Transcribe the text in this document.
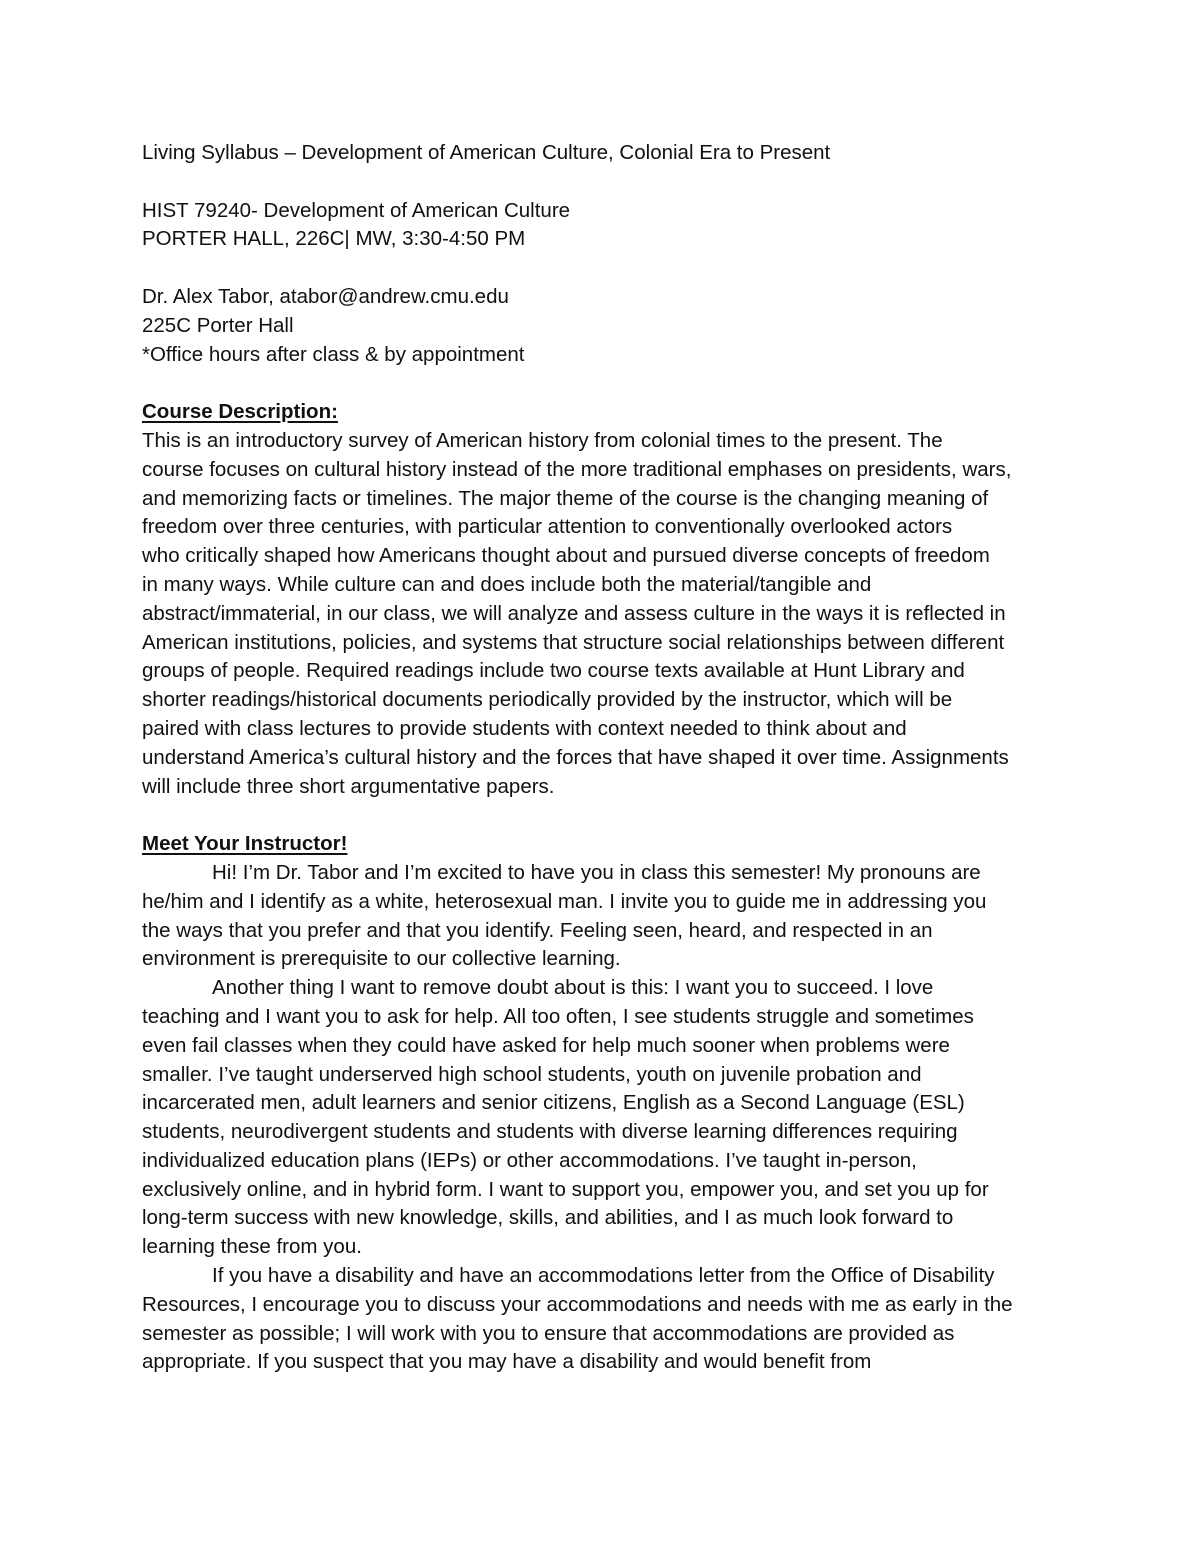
Living Syllabus – Development of American Culture, Colonial Era to Present
HIST 79240- Development of American Culture
PORTER HALL, 226C| MW, 3:30-4:50 PM
Dr. Alex Tabor, atabor@andrew.cmu.edu
225C Porter Hall
*Office hours after class & by appointment
Course Description:
This is an introductory survey of American history from colonial times to the present. The
course focuses on cultural history instead of the more traditional emphases on presidents, wars,
and memorizing facts or timelines. The major theme of the course is the changing meaning of
freedom over three centuries, with particular attention to conventionally overlooked actors
who critically shaped how Americans thought about and pursued diverse concepts of freedom
in many ways. While culture can and does include both the material/tangible and
abstract/immaterial, in our class, we will analyze and assess culture in the ways it is reflected in
American institutions, policies, and systems that structure social relationships between different
groups of people. Required readings include two course texts available at Hunt Library and
shorter readings/historical documents periodically provided by the instructor, which will be
paired with class lectures to provide students with context needed to think about and
understand America’s cultural history and the forces that have shaped it over time. Assignments
will include three short argumentative papers.
Meet Your Instructor!
Hi! I’m Dr. Tabor and I’m excited to have you in class this semester! My pronouns are
he/him and I identify as a white, heterosexual man. I invite you to guide me in addressing you
the ways that you prefer and that you identify. Feeling seen, heard, and respected in an
environment is prerequisite to our collective learning.
Another thing I want to remove doubt about is this: I want you to succeed. I love
teaching and I want you to ask for help. All too often, I see students struggle and sometimes
even fail classes when they could have asked for help much sooner when problems were
smaller. I’ve taught underserved high school students, youth on juvenile probation and
incarcerated men, adult learners and senior citizens, English as a Second Language (ESL)
students, neurodivergent students and students with diverse learning differences requiring
individualized education plans (IEPs) or other accommodations. I’ve taught in-person,
exclusively online, and in hybrid form. I want to support you, empower you, and set you up for
long-term success with new knowledge, skills, and abilities, and I as much look forward to
learning these from you.
If you have a disability and have an accommodations letter from the Office of Disability
Resources, I encourage you to discuss your accommodations and needs with me as early in the
semester as possible; I will work with you to ensure that accommodations are provided as
appropriate. If you suspect that you may have a disability and would benefit from
